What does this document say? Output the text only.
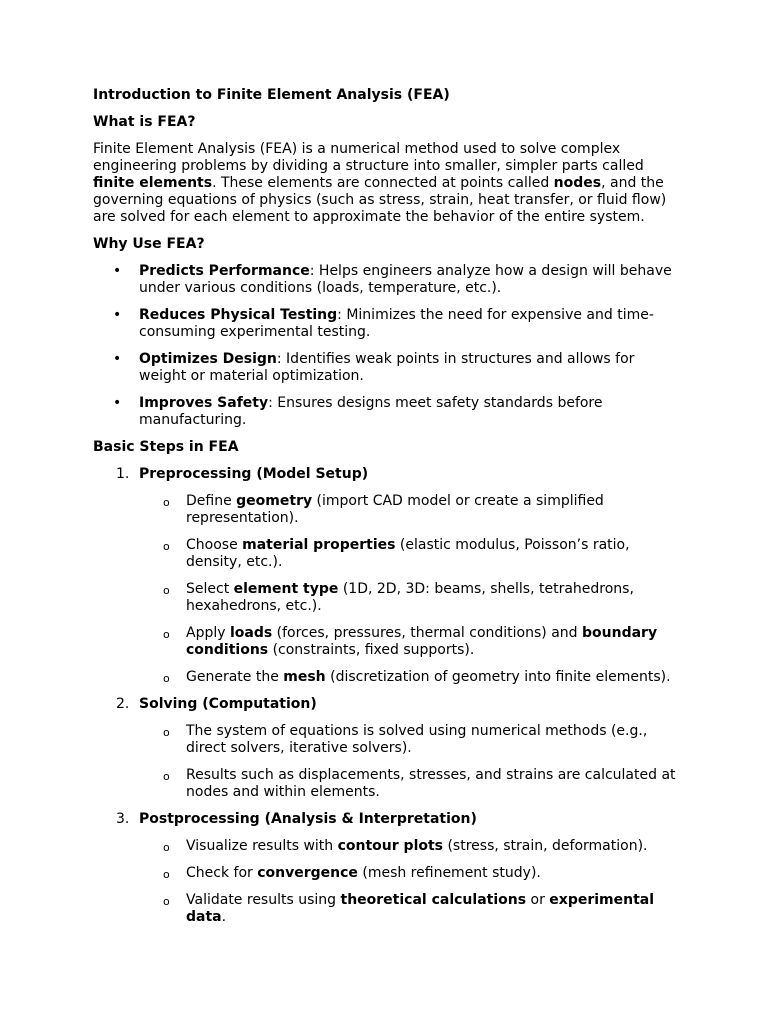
Introduction to Finite Element Analysis (FEA)
What is FEA?

Finite Element Analysis (FEA) is a numerical method used to solve complex engineering problems by dividing a structure into smaller, simpler parts called finite elements. These elements are connected at points called nodes, and the governing equations of physics (such as stress, strain, heat transfer, or fluid flow) are solved for each element to approximate the behavior of the entire system.

Why Use FEA?
• Predicts Performance: Helps engineers analyze how a design will behave under various conditions (loads, temperature, etc.).
• Reduces Physical Testing: Minimizes the need for expensive and time-consuming experimental testing.
• Optimizes Design: Identifies weak points in structures and allows for weight or material optimization.
• Improves Safety: Ensures designs meet safety standards before manufacturing.
Basic Steps in FEA
1. Preprocessing (Model Setup)
o Define geometry (import CAD model or create a simplified representation).
o Choose material properties (elastic modulus, Poisson’s ratio, density, etc.).
o Select element type (1D, 2D, 3D: beams, shells, tetrahedrons, hexahedrons, etc.).
o Apply loads (forces, pressures, thermal conditions) and boundary conditions (constraints, fixed supports).
o Generate the mesh (discretization of geometry into finite elements).
2. Solving (Computation)
o The system of equations is solved using numerical methods (e.g., direct solvers, iterative solvers).
o Results such as displacements, stresses, and strains are calculated at nodes and within elements.
3. Postprocessing (Analysis & Interpretation)
o Visualize results with contour plots (stress, strain, deformation).
o Check for convergence (mesh refinement study).
o Validate results using theoretical calculations or experimental data.
